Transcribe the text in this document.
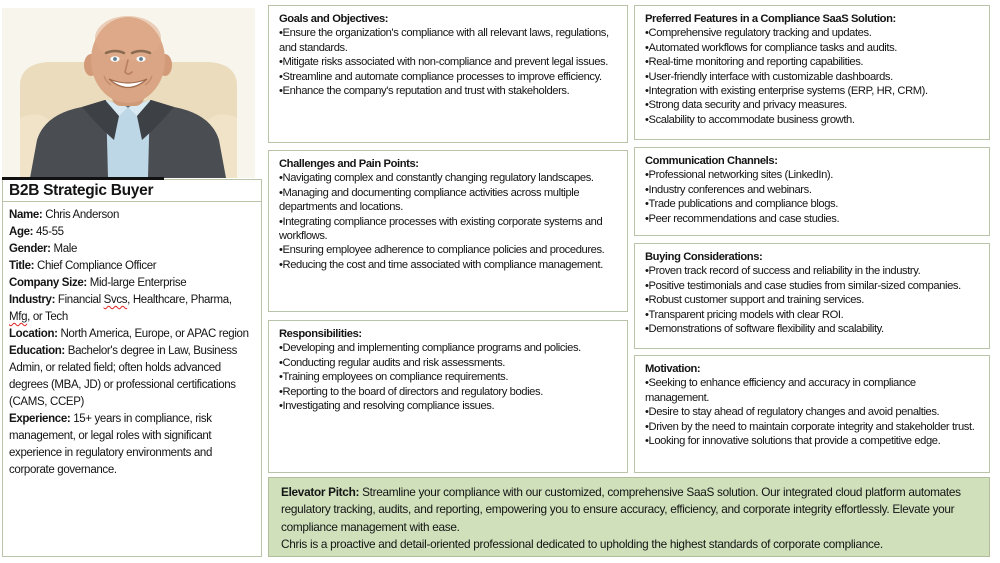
B2B Strategic Buyer
Name: Chris Anderson
Age: 45-55
Gender: Male
Title: Chief Compliance Officer
Company Size: Mid-large Enterprise
Industry: Financial Svcs, Healthcare, Pharma, Mfg, or Tech
Location: North America, Europe, or APAC region
Education: Bachelor's degree in Law, Business Admin, or related field; often holds advanced degrees (MBA, JD) or professional certifications (CAMS, CCEP)
Experience: 15+ years in compliance, risk management, or legal roles with significant experience in regulatory environments and corporate governance.
Goals and Objectives:
•Ensure the organization's compliance with all relevant laws, regulations, and standards.
•Mitigate risks associated with non-compliance and prevent legal issues.
•Streamline and automate compliance processes to improve efficiency.
•Enhance the company's reputation and trust with stakeholders.
Challenges and Pain Points:
•Navigating complex and constantly changing regulatory landscapes.
•Managing and documenting compliance activities across multiple departments and locations.
•Integrating compliance processes with existing corporate systems and workflows.
•Ensuring employee adherence to compliance policies and procedures.
•Reducing the cost and time associated with compliance management.
Responsibilities:
•Developing and implementing compliance programs and policies.
•Conducting regular audits and risk assessments.
•Training employees on compliance requirements.
•Reporting to the board of directors and regulatory bodies.
•Investigating and resolving compliance issues.
Preferred Features in a Compliance SaaS Solution:
•Comprehensive regulatory tracking and updates.
•Automated workflows for compliance tasks and audits.
•Real-time monitoring and reporting capabilities.
•User-friendly interface with customizable dashboards.
•Integration with existing enterprise systems (ERP, HR, CRM).
•Strong data security and privacy measures.
•Scalability to accommodate business growth.
Communication Channels:
•Professional networking sites (LinkedIn).
•Industry conferences and webinars.
•Trade publications and compliance blogs.
•Peer recommendations and case studies.
Buying Considerations:
•Proven track record of success and reliability in the industry.
•Positive testimonials and case studies from similar-sized companies.
•Robust customer support and training services.
•Transparent pricing models with clear ROI.
•Demonstrations of software flexibility and scalability.
Motivation:
•Seeking to enhance efficiency and accuracy in compliance management.
•Desire to stay ahead of regulatory changes and avoid penalties.
•Driven by the need to maintain corporate integrity and stakeholder trust.
•Looking for innovative solutions that provide a competitive edge.
Elevator Pitch: Streamline your compliance with our customized, comprehensive SaaS solution. Our integrated cloud platform automates regulatory tracking, audits, and reporting, empowering you to ensure accuracy, efficiency, and corporate integrity effortlessly. Elevate your compliance management with ease.
Chris is a proactive and detail-oriented professional dedicated to upholding the highest standards of corporate compliance.
